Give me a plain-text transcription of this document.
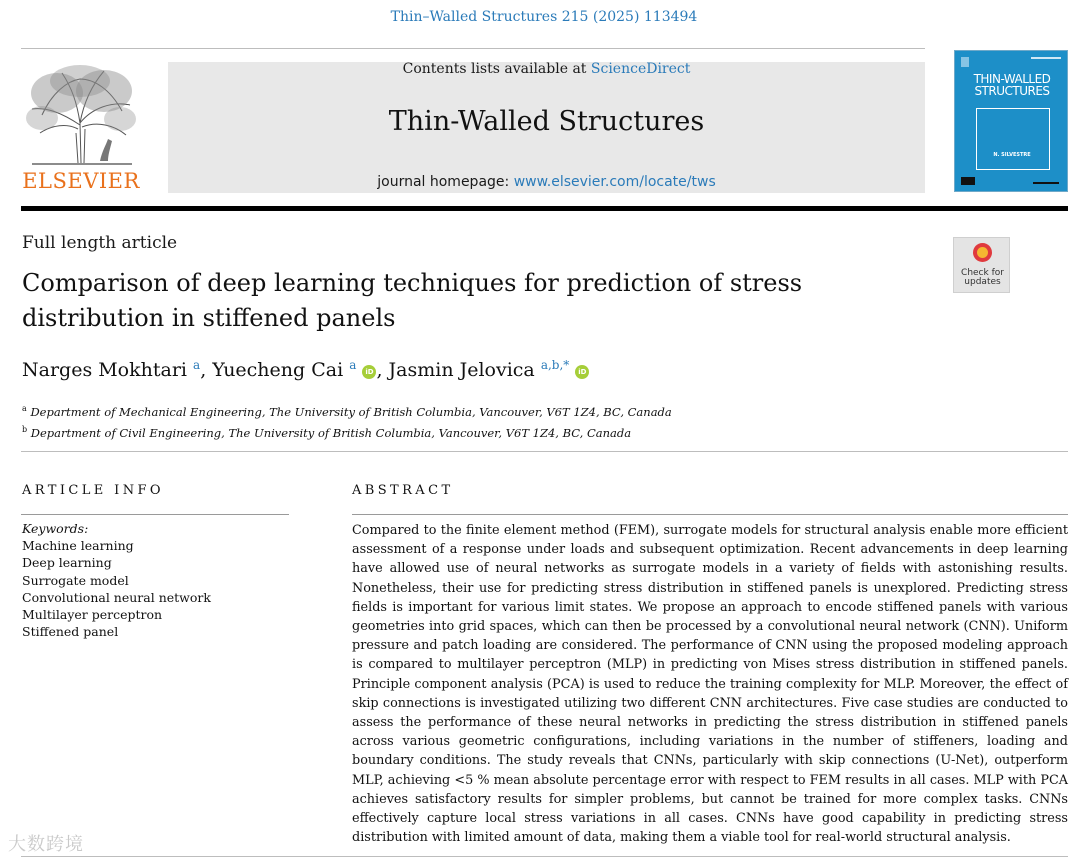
Thin–Walled Structures 215 (2025) 113494
ELSEVIER
Contents lists available at ScienceDirect
Thin-Walled Structures
journal homepage: www.elsevier.com/locate/tws
THIN-WALLED
STRUCTURES
N. SILVESTRE
Full length article
Check for
updates
Comparison of deep learning techniques for prediction of stress distribution in stiffened panels
Narges Mokhtari $^a$, Yuecheng Cai $^a$ iD , Jasmin Jelovica $^{a,b,*}$ iD
$^a$ Department of Mechanical Engineering, The University of British Columbia, Vancouver, V6T 1Z4, BC, Canada
$^b$ Department of Civil Engineering, The University of British Columbia, Vancouver, V6T 1Z4, BC, Canada
ARTICLE INFO	ABSTRACT
Keywords:
Machine learning
Deep learning
Surrogate model
Convolutional neural network
Multilayer perceptron
Stiffened panel
Compared to the finite element method (FEM), surrogate models for structural analysis enable more efficient assessment of a response under loads and subsequent optimization. Recent advancements in deep learning have allowed use of neural networks as surrogate models in a variety of fields with astonishing results. Nonetheless, their use for predicting stress distribution in stiffened panels is unexplored. Predicting stress fields is important for various limit states. We propose an approach to encode stiffened panels with various geometries into grid spaces, which can then be processed by a convolutional neural network (CNN). Uniform pressure and patch loading are considered. The performance of CNN using the proposed modeling approach is compared to multilayer perceptron (MLP) in predicting von Mises stress distribution in stiffened panels. Principle component analysis (PCA) is used to reduce the training complexity for MLP. Moreover, the effect of skip connections is investigated utilizing two different CNN architectures. Five case studies are conducted to assess the performance of these neural networks in predicting the stress distribution in stiffened panels across various geometric configurations, including variations in the number of stiffeners, loading and boundary conditions. The study reveals that CNNs, particularly with skip connections (U-Net), outperform MLP, achieving <5 % mean absolute percentage error with respect to FEM results in all cases. MLP with PCA achieves satisfactory results for simpler problems, but cannot be trained for more complex tasks. CNNs effectively capture local stress variations in all cases. CNNs have good capability in predicting stress distribution with limited amount of data, making them a viable tool for real-world structural analysis.
大数跨境
